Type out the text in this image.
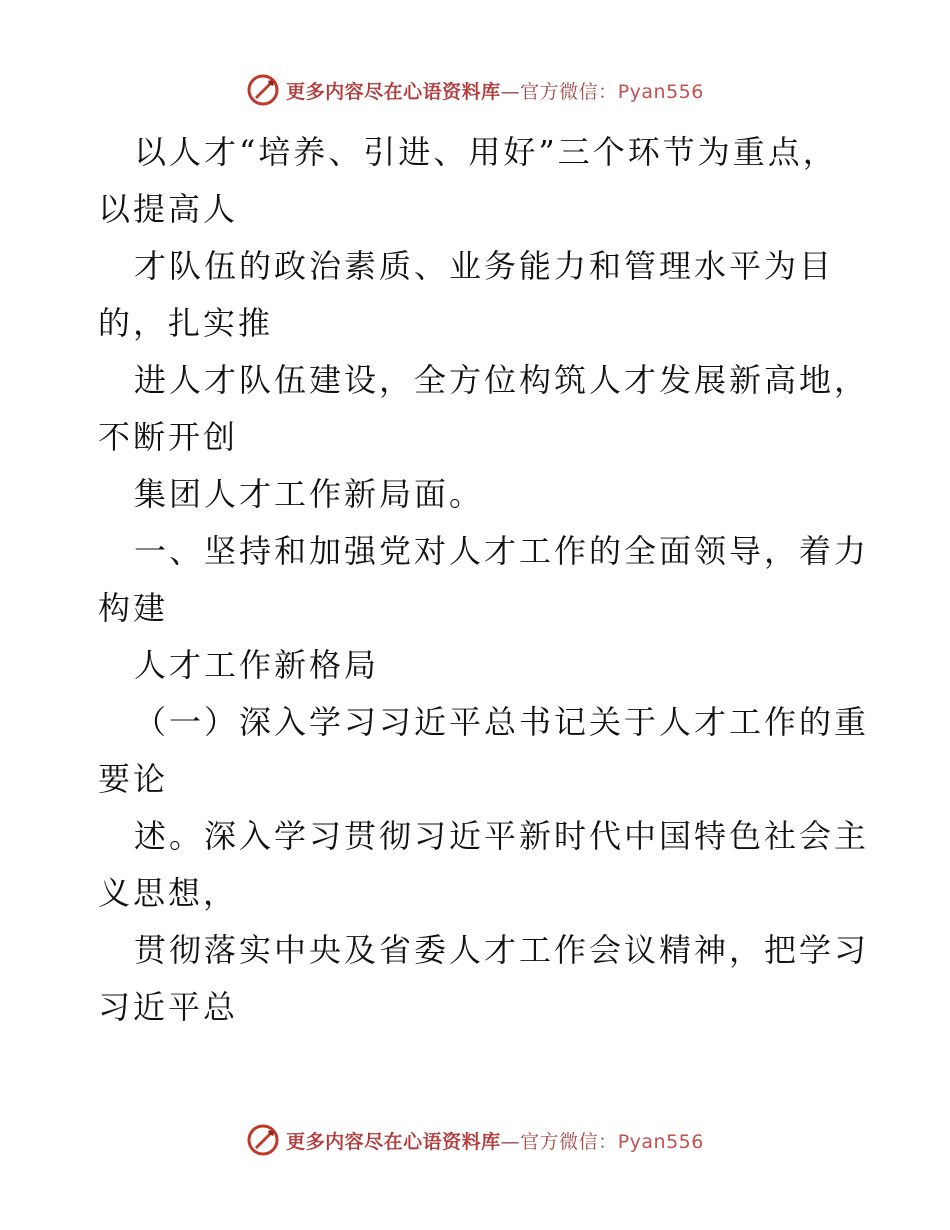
更多内容尽在心语资料库—官方微信：Pyan556
以人才“培养、引进、用好”三个环节为重点，
以提高人
才队伍的政治素质、业务能力和管理水平为目
的，扎实推
进人才队伍建设，全方位构筑人才发展新高地，
不断开创
集团人才工作新局面。
一、坚持和加强党对人才工作的全面领导，着力
构建
人才工作新格局
（一）深入学习习近平总书记关于人才工作的重
要论
述。深入学习贯彻习近平新时代中国特色社会主
义思想，
贯彻落实中央及省委人才工作会议精神，把学习
习近平总
更多内容尽在心语资料库—官方微信：Pyan556
